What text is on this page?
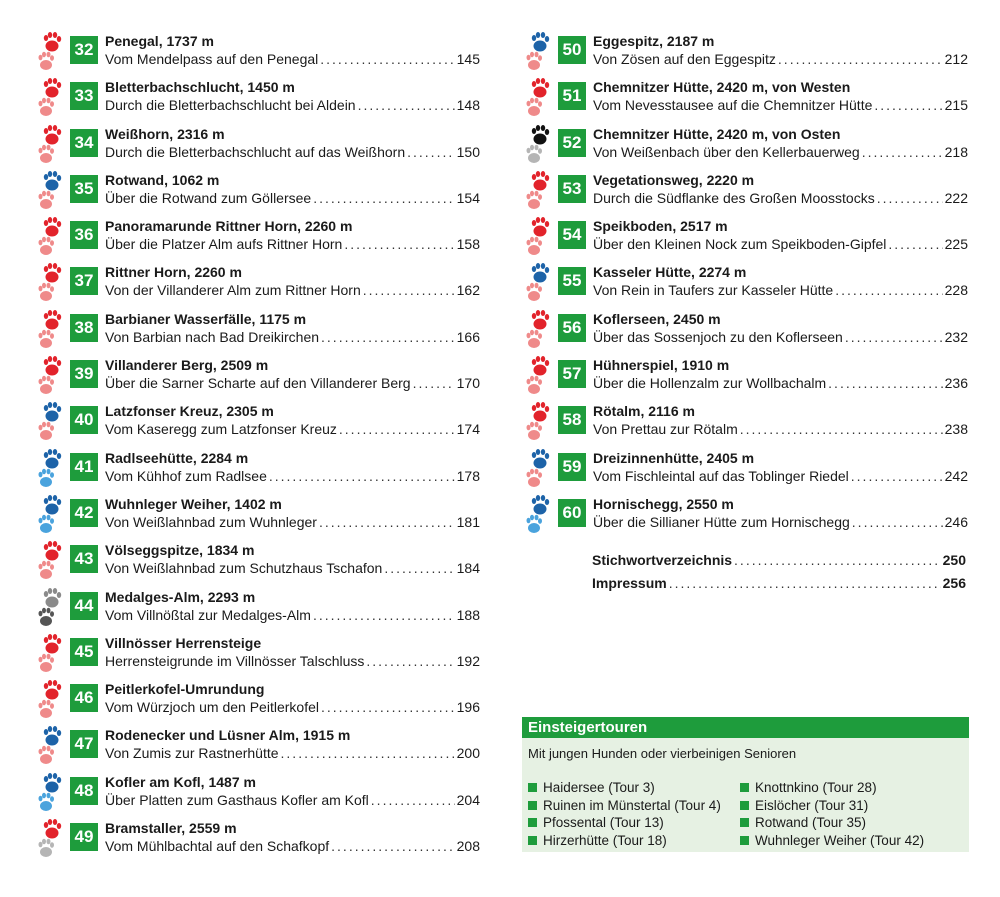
32 Penegal, 1737 m
Vom Mendelpass auf den Penegal .....	145
33 Bletterbachschlucht, 1450 m
Durch die Bletterbachschlucht bei Aldein .....	148
34 Weißhorn, 2316 m
Durch die Bletterbachschlucht auf das Weißhorn .....	150
35 Rotwand, 1062 m
Über die Rotwand zum Göllersee .....	154
36 Panoramarunde Rittner Horn, 2260 m
Über die Platzer Alm aufs Rittner Horn .....	158
37 Rittner Horn, 2260 m
Von der Villanderer Alm zum Rittner Horn .....	162
38 Barbianer Wasserfälle, 1175 m
Von Barbian nach Bad Dreikirchen .....	166
39 Villanderer Berg, 2509 m
Über die Sarner Scharte auf den Villanderer Berg .....	170
40 Latzfonser Kreuz, 2305 m
Vom Kaseregg zum Latzfonser Kreuz .....	174
41 Radlseehütte, 2284 m
Vom Kühhof zum Radlsee .....	178
42 Wuhnleger Weiher, 1402 m
Von Weißlahnbad zum Wuhnleger .....	181
43 Völseggspitze, 1834 m
Von Weißlahnbad zum Schutzhaus Tschafon .....	184
44 Medalges-Alm, 2293 m
Vom Villnößtal zur Medalges-Alm .....	188
45 Villnösser Herrensteige
Herrensteigrunde im Villnösser Talschluss .....	192
46 Peitlerkofel-Umrundung
Vom Würzjoch um den Peitlerkofel .....	196
47 Rodenecker und Lüsner Alm, 1915 m
Von Zumis zur Rastnerhütte .....	200
48 Kofler am Kofl, 1487 m
Über Platten zum Gasthaus Kofler am Kofl .....	204
49 Bramstaller, 2559 m
Vom Mühlbachtal auf den Schafkopf .....	208
50 Eggespitz, 2187 m
Von Zösen auf den Eggespitz .....	212
51 Chemnitzer Hütte, 2420 m, von Westen
Vom Nevesstausee auf die Chemnitzer Hütte .....	215
52 Chemnitzer Hütte, 2420 m, von Osten
Von Weißenbach über den Kellerbauerweg .....	218
53 Vegetationsweg, 2220 m
Durch die Südflanke des Großen Moosstocks .....	222
54 Speikboden, 2517 m
Über den Kleinen Nock zum Speikboden-Gipfel .....	225
55 Kasseler Hütte, 2274 m
Von Rein in Taufers zur Kasseler Hütte .....	228
56 Koflerseen, 2450 m
Über das Sossenjoch zu den Koflerseen .....	232
57 Hühnerspiel, 1910 m
Über die Hollenzalm zur Wollbachalm .....	236
58 Rötalm, 2116 m
Von Prettau zur Rötalm .....	238
59 Dreizinnenhütte, 2405 m
Vom Fischleintal auf das Toblinger Riedel .....	242
60 Hornischegg, 2550 m
Über die Sillianer Hütte zum Hornischegg .....	246
Stichwortverzeichnis .....	250
Impressum .....	256
Einsteigertouren
Mit jungen Hunden oder vierbeinigen Senioren
Haidersee (Tour 3)
Ruinen im Münstertal (Tour 4)
Pfossental (Tour 13)
Hirzerhütte (Tour 18)
Knottnkino (Tour 28)
Eislöcher (Tour 31)
Rotwand (Tour 35)
Wuhnleger Weiher (Tour 42)
